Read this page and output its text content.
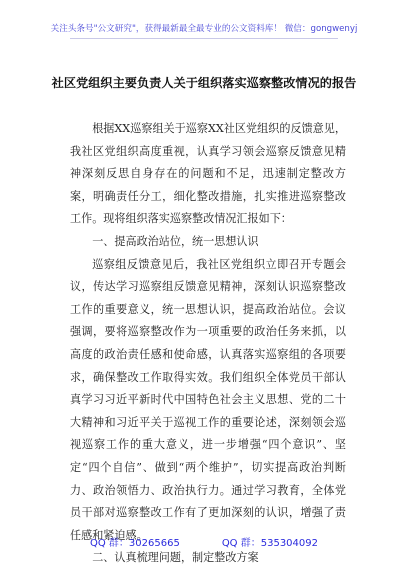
关注头条号"公文研究"，获得最新最全最专业的公文资料库！ 微信：gongwenyj
社区党组织主要负责人关于组织落实巡察整改情况的报告

根据XX巡察组关于巡察XX社区党组织的反馈意见，我社区党组织高度重视，认真学习领会巡察反馈意见精神深刻反思自身存在的问题和不足，迅速制定整改方案，明确责任分工，细化整改措施，扎实推进巡察整改工作。现将组织落实巡察整改情况汇报如下：

一、提高政治站位，统一思想认识

巡察组反馈意见后，我社区党组织立即召开专题会议，传达学习巡察组反馈意见精神，深刻认识巡察整改工作的重要意义，统一思想认识，提高政治站位。会议强调，要将巡察整改作为一项重要的政治任务来抓，以高度的政治责任感和使命感，认真落实巡察组的各项要求，确保整改工作取得实效。我们组织全体党员干部认真学习习近平新时代中国特色社会主义思想、党的二十大精神和习近平关于巡视工作的重要论述，深刻领会巡视巡察工作的重大意义，进一步增强“四个意识”、坚定“四个自信”、做到“两个维护”，切实提高政治判断力、政治领悟力、政治执行力。通过学习教育，全体党员干部对巡察整改工作有了更加深刻的认识，增强了责任感和紧迫感。

二、认真梳理问题，制定整改方案

QQ 群：30265665	QQ 群：535304092
